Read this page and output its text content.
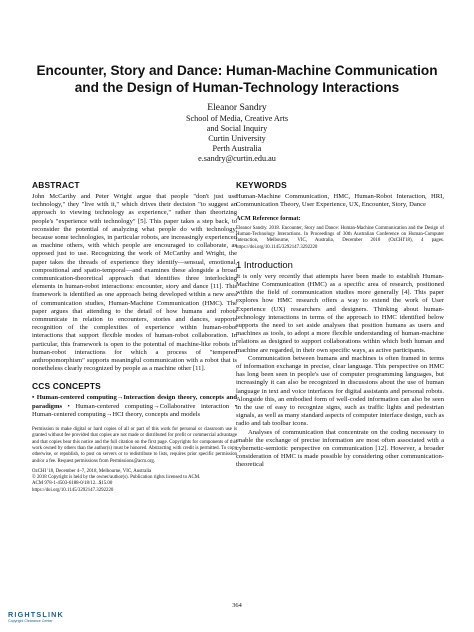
Encounter, Story and Dance: Human-Machine Communication
and the Design of Human-Technology Interactions
Eleanor Sandry
School of Media, Creative Arts
and Social Inquiry
Curtin University
Perth Australia
e.sandry@curtin.edu.au
ABSTRACT

John McCarthy and Peter Wright argue that people "don't just use technology," they "live with it," which drives their decision "to suggest an approach to viewing technology as experience," rather than theorizing people's "experience with technology" [5]. This paper takes a step back, to reconsider the potential of analyzing what people do with technology, because some technologies, in particular robots, are increasingly experienced as machine others, with which people are encouraged to collaborate, as opposed just to use. Recognizing the work of McCarthy and Wright, the paper takes the threads of experience they identify—sensual, emotional, compositional and spatio-temporal—and examines these alongside a broad communication-theoretical approach that identifies three interlocking elements in human-robot interactions: encounter, story and dance [11]. This framework is identified as one approach being developed within a new area of communication studies, Human-Machine Communication (HMC). The paper argues that attending to the detail of how humans and robots communicate in relation to encounters, stories and dances, supports recognition of the complexities of experience within human-robot interactions that support flexible modes of human-robot collaboration. In particular, this framework is open to the potential of machine-like robots in human-robot interactions for which a process of "tempered anthropomorphism" supports meaningful communication with a robot that is nonetheless clearly recognized by people as a machine other [11].

CCS CONCEPTS

• Human-centered computing→Interaction design theory, concepts and paradigms • Human-centered computing→Collaborative interaction • Human-centered computing→HCI theory, concepts and models

Permission to make digital or hard copies of all or part of this work for personal or classroom use is granted without fee provided that copies are not made or distributed for profit or commercial advantage and that copies bear this notice and the full citation on the first page. Copyrights for components of this work owned by others than the author(s) must be honored. Abstracting with credit is permitted. To copy otherwise, or republish, to post on servers or to redistribute to lists, requires prior specific permission and/or a fee. Request permissions from Permissions@acm.org.

OzCHI '18, December 4–7, 2018, Melbourne, VIC, Australia

© 2018 Copyright is held by the owner/author(s). Publication rights licensed to ACM.

ACM 978-1-4503-6188-0/18/12...$15.00

https://doi.org/10.1145/3292147.3292220

KEYWORDS

Human-Machine Communication, HMC, Human-Robot Interaction, HRI, Communication Theory, User Experience, UX, Encounter, Story, Dance

ACM Reference format:

Eleanor Sandry. 2018. Encounter, Story and Dance: Human-Machine Communication and the Design of Human-Technology Interactions. In Proceedings of 30th Australian Conference on Human-Computer Interaction, Melbourne, VIC, Australia, December 2018 (OzCHI'18), 4 pages. https://doi.org/10.1145/3292147.3292220

1 Introduction

It is only very recently that attempts have been made to establish Human-Machine Communication (HMC) as a specific area of research, positioned within the field of communication studies more generally [4]. This paper explores how HMC research offers a way to extend the work of User Experience (UX) researchers and designers. Thinking about human-technology interactions in terms of the approach to HMC identified below supports the need to set aside analyses that position humans as users and machines as tools, to adopt a more flexible understanding of human-machine relations as designed to support collaborations within which both human and machine are regarded, in their own specific ways, as active participants.

Communication between humans and machines is often framed in terms of information exchange in precise, clear language. This perspective on HMC has long been seen in people's use of computer programming languages, but increasingly it can also be recognized in discussions about the use of human language in text and voice interfaces for digital assistants and personal robots. Alongside this, an embodied form of well-coded information can also be seen in the use of easy to recognize signs, such as traffic lights and pedestrian signals, as well as many standard aspects of computer interface design, such as radio and tab toolbar icons.

Analyses of communication that concentrate on the coding necessary to enable the exchange of precise information are most often associated with a cybernetic-semiotic perspective on communication [12]. However, a broader consideration of HMC is made possible by considering other communication-theoretical

364
RIGHTSLINK
Copyright Clearance Center
